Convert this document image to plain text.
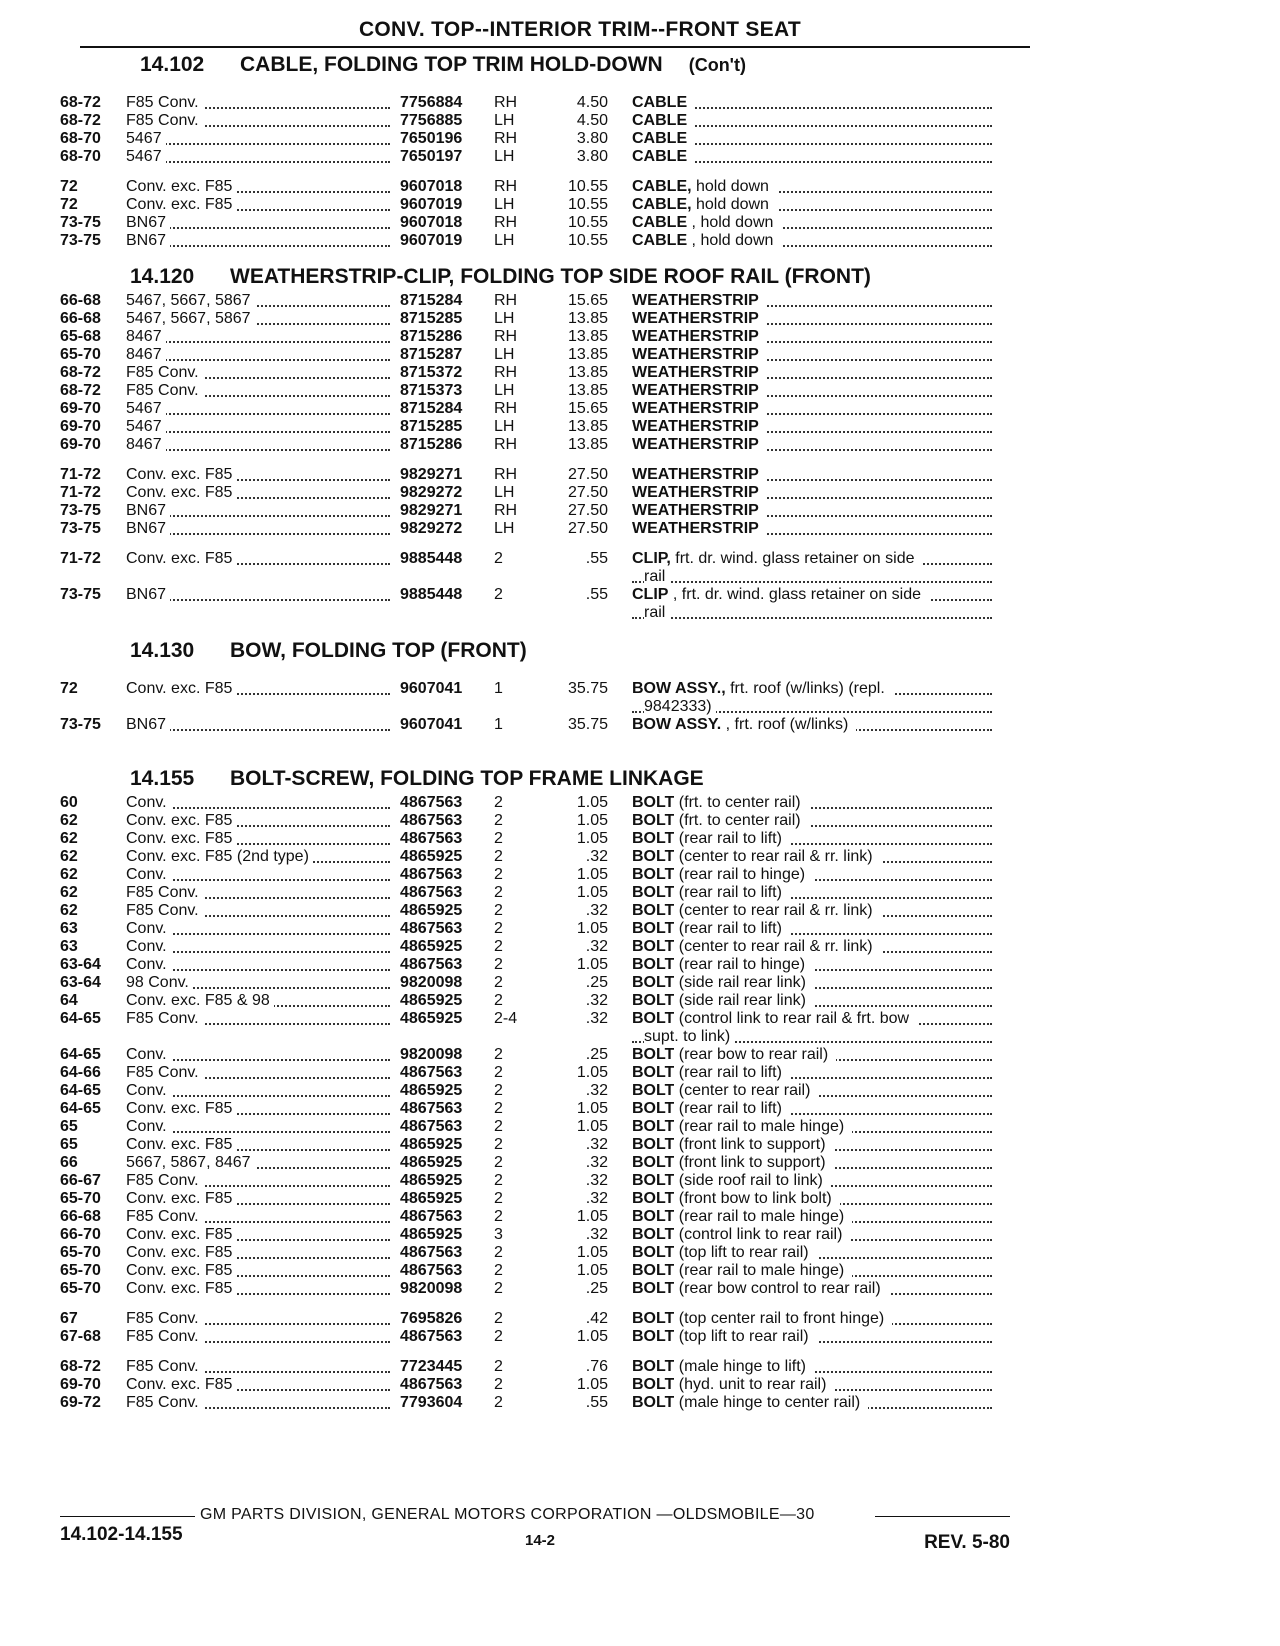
CONV. TOP--INTERIOR TRIM--FRONT SEAT
14.102 CABLE, FOLDING TOP TRIM HOLD-DOWN (Con't)
68-72	F85 Conv.	7756884	RH	4.50	CABLE
68-72	F85 Conv.	7756885	LH	4.50	CABLE
68-70	5467	7650196	RH	3.80	CABLE
68-70	5467	7650197	LH	3.80	CABLE
72	Conv. exc. F85	9607018	RH	10.55	CABLE, hold down
72	Conv. exc. F85	9607019	LH	10.55	CABLE, hold down
73-75	BN67	9607018	RH	10.55	CABLE , hold down
73-75	BN67	9607019	LH	10.55	CABLE , hold down
14.120 WEATHERSTRIP-CLIP, FOLDING TOP SIDE ROOF RAIL (FRONT)
66-68	5467, 5667, 5867	8715284	RH	15.65	WEATHERSTRIP
66-68	5467, 5667, 5867	8715285	LH	13.85	WEATHERSTRIP
65-68	8467	8715286	RH	13.85	WEATHERSTRIP
65-70	8467	8715287	LH	13.85	WEATHERSTRIP
68-72	F85 Conv.	8715372	RH	13.85	WEATHERSTRIP
68-72	F85 Conv.	8715373	LH	13.85	WEATHERSTRIP
69-70	5467	8715284	RH	15.65	WEATHERSTRIP
69-70	5467	8715285	LH	13.85	WEATHERSTRIP
69-70	8467	8715286	RH	13.85	WEATHERSTRIP
71-72	Conv. exc. F85	9829271	RH	27.50	WEATHERSTRIP
71-72	Conv. exc. F85	9829272	LH	27.50	WEATHERSTRIP
73-75	BN67	9829271	RH	27.50	WEATHERSTRIP
73-75	BN67	9829272	LH	27.50	WEATHERSTRIP
71-72	Conv. exc. F85	9885448	2	.55	CLIP, frt. dr. wind. glass retainer on side
rail
73-75	BN67	9885448	2	.55	CLIP , frt. dr. wind. glass retainer on side
rail
14.130 BOW, FOLDING TOP (FRONT)
72	Conv. exc. F85	9607041	1	35.75	BOW ASSY., frt. roof (w/links) (repl.
9842333)
73-75	BN67	9607041	1	35.75	BOW ASSY. , frt. roof (w/links)
14.155 BOLT-SCREW, FOLDING TOP FRAME LINKAGE
60	Conv.	4867563	2	1.05	BOLT (frt. to center rail)
62	Conv. exc. F85	4867563	2	1.05	BOLT (frt. to center rail)
62	Conv. exc. F85	4867563	2	1.05	BOLT (rear rail to lift)
62	Conv. exc. F85 (2nd type)	4865925	2	.32	BOLT (center to rear rail & rr. link)
62	Conv.	4867563	2	1.05	BOLT (rear rail to hinge)
62	F85 Conv.	4867563	2	1.05	BOLT (rear rail to lift)
62	F85 Conv.	4865925	2	.32	BOLT (center to rear rail & rr. link)
63	Conv.	4867563	2	1.05	BOLT (rear rail to lift)
63	Conv.	4865925	2	.32	BOLT (center to rear rail & rr. link)
63-64	Conv.	4867563	2	1.05	BOLT (rear rail to hinge)
63-64	98 Conv.	9820098	2	.25	BOLT (side rail rear link)
64	Conv. exc. F85 & 98	4865925	2	.32	BOLT (side rail rear link)
64-65	F85 Conv.	4865925	2-4	.32	BOLT (control link to rear rail & frt. bow
supt. to link)
64-65	Conv.	9820098	2	.25	BOLT (rear bow to rear rail)
64-66	F85 Conv.	4867563	2	1.05	BOLT (rear rail to lift)
64-65	Conv.	4865925	2	.32	BOLT (center to rear rail)
64-65	Conv. exc. F85	4867563	2	1.05	BOLT (rear rail to lift)
65	Conv.	4867563	2	1.05	BOLT (rear rail to male hinge)
65	Conv. exc. F85	4865925	2	.32	BOLT (front link to support)
66	5667, 5867, 8467	4865925	2	.32	BOLT (front link to support)
66-67	F85 Conv.	4865925	2	.32	BOLT (side roof rail to link)
65-70	Conv. exc. F85	4865925	2	.32	BOLT (front bow to link bolt)
66-68	F85 Conv.	4867563	2	1.05	BOLT (rear rail to male hinge)
66-70	Conv. exc. F85	4865925	3	.32	BOLT (control link to rear rail)
65-70	Conv. exc. F85	4867563	2	1.05	BOLT (top lift to rear rail)
65-70	Conv. exc. F85	4867563	2	1.05	BOLT (rear rail to male hinge)
65-70	Conv. exc. F85	9820098	2	.25	BOLT (rear bow control to rear rail)
67	F85 Conv.	7695826	2	.42	BOLT (top center rail to front hinge)
67-68	F85 Conv.	4867563	2	1.05	BOLT (top lift to rear rail)
68-72	F85 Conv.	7723445	2	.76	BOLT (male hinge to lift)
69-70	Conv. exc. F85	4867563	2	1.05	BOLT (hyd. unit to rear rail)
69-72	F85 Conv.	7793604	2	.55	BOLT (male hinge to center rail)
GM PARTS DIVISION, GENERAL MOTORS CORPORATION —OLDSMOBILE—30
14.102-14.155	14-2	REV. 5-80
